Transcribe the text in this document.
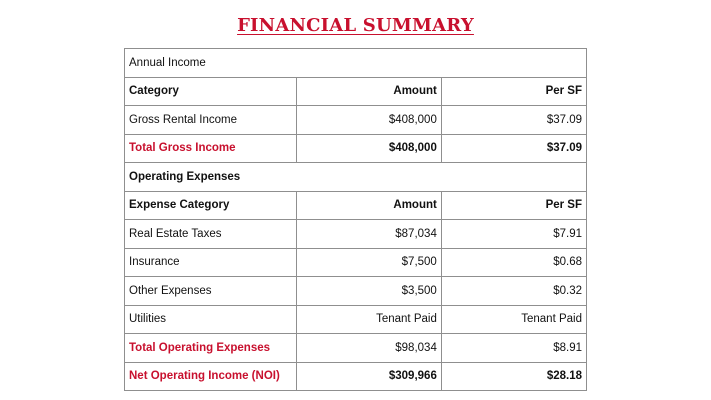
FINANCIAL SUMMARY
Annual Income		
Category	Amount	Per SF
Gross Rental Income	$408,000	$37.09
Total Gross Income	$408,000	$37.09
Operating Expenses		
Expense Category	Amount	Per SF
Real Estate Taxes	$87,034	$7.91
Insurance	$7,500	$0.68
Other Expenses	$3,500	$0.32
Utilities	Tenant Paid	Tenant Paid
Total Operating Expenses	$98,034	$8.91
Net Operating Income (NOI)	$309,966	$28.18
